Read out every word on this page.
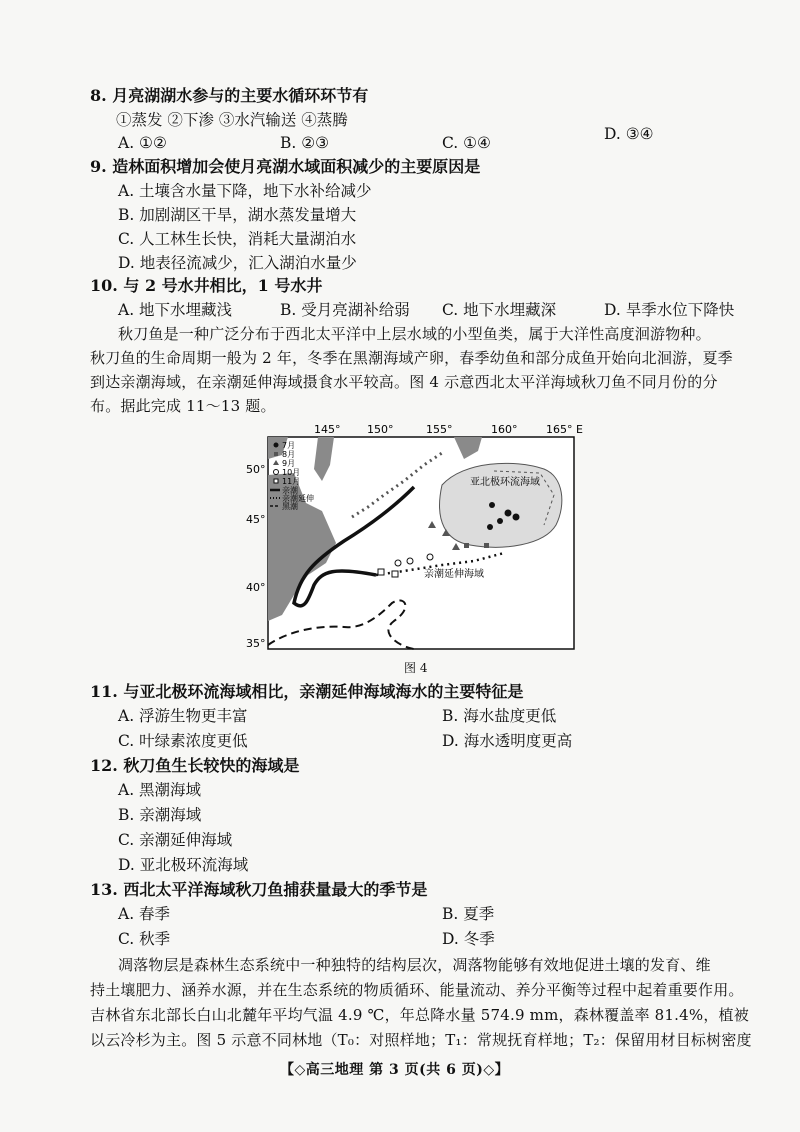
8. 月亮湖湖水参与的主要水循环环节有
①蒸发 ②下渗 ③水汽输送 ④蒸腾
A. ①②	B. ②③	C. ①④	D. ③④
9. 造林面积增加会使月亮湖水域面积减少的主要原因是
A. 土壤含水量下降，地下水补给减少
B. 加剧湖区干旱，湖水蒸发量增大
C. 人工林生长快，消耗大量湖泊水
D. 地表径流减少，汇入湖泊水量少
10. 与 2 号水井相比，1 号水井
A. 地下水埋藏浅	B. 受月亮湖补给弱 C. 地下水埋藏深	D. 旱季水位下降快
秋刀鱼是一种广泛分布于西北太平洋中上层水域的小型鱼类，属于大洋性高度洄游物种。
秋刀鱼的生命周期一般为 2 年，冬季在黑潮海域产卵，春季幼鱼和部分成鱼开始向北洄游，夏季
到达亲潮海域，在亲潮延伸海域摄食水平较高。图 4 示意西北太平洋海域秋刀鱼不同月份的分
布。据此完成 11～13 题。
145° 150°	155°	160°	165° E
50°
45°
40°
35°
亚北极环流海域
亲潮延伸海域
7月
8月
9月
10月
11月
亲潮
亲潮延伸
黑潮
图 4
11. 与亚北极环流海域相比，亲潮延伸海域海水的主要特征是
A. 浮游生物更丰富	B. 海水盐度更低
C. 叶绿素浓度更低	D. 海水透明度更高
12. 秋刀鱼生长较快的海域是
A. 黑潮海域
B. 亲潮海域
C. 亲潮延伸海域
D. 亚北极环流海域
13. 西北太平洋海域秋刀鱼捕获量最大的季节是
A. 春季	B. 夏季
C. 秋季	D. 冬季
凋落物层是森林生态系统中一种独特的结构层次，凋落物能够有效地促进土壤的发育、维
持土壤肥力、涵养水源，并在生态系统的物质循环、能量流动、养分平衡等过程中起着重要作用。
吉林省东北部长白山北麓年平均气温 4.9 ℃，年总降水量 574.9 mm，森林覆盖率 81.4%，植被
以云冷杉为主。图 5 示意不同林地（T₀：对照样地；T₁：常规抚育样地；T₂：保留用材目标树密度
【◇高三地理 第 3 页(共 6 页)◇】
